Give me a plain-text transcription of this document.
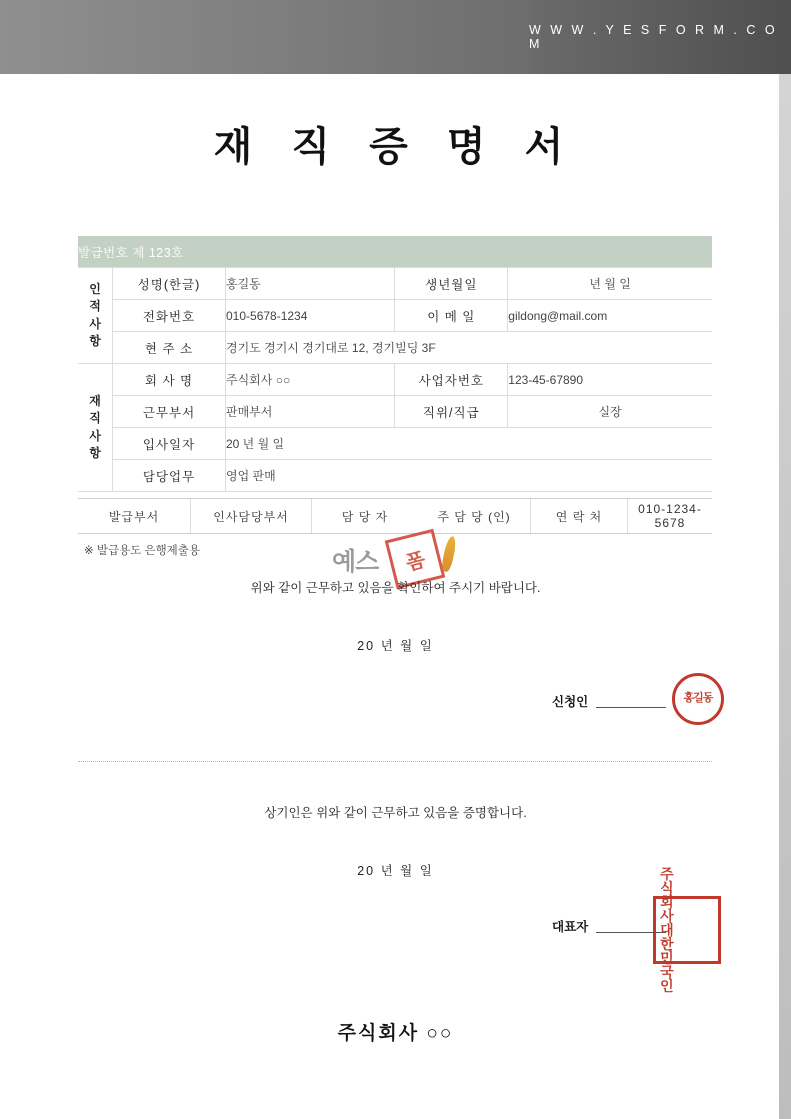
W W W . Y E S F O R M . C O M
재 직 증 명 서
발급번호 제 123호				

인
적
사
항	성명(한글)	홍길동	생년월일	년 월 일
	전화번호	010-5678-1234	이 메 일	gildong@mail.com
	현 주 소	경기도 경기시 경기대로 12, 경기빌딩 3F		

재
직
사
항	회 사 명	주식회사 ○○	사업자번호	123-45-67890
	근무부서	판매부서	직위/직급	실장
	입사일자	20 년 월 일		
	담당업무	영업 판매		
발급부서	인사담당부서	담 당 자	주 담 당 (인)	연 락 처	010-1234-5678
※ 발급용도 은행제출용	예스	폼
위와 같이 근무하고 있음을 확인하여 주시기 바랍니다.
20 년 월 일
신청인	홍길동
상기인은 위와 같이 근무하고 있음을 증명합니다.
20 년 월 일
대표자
주식회사대한민국인
주식회사 ○○
